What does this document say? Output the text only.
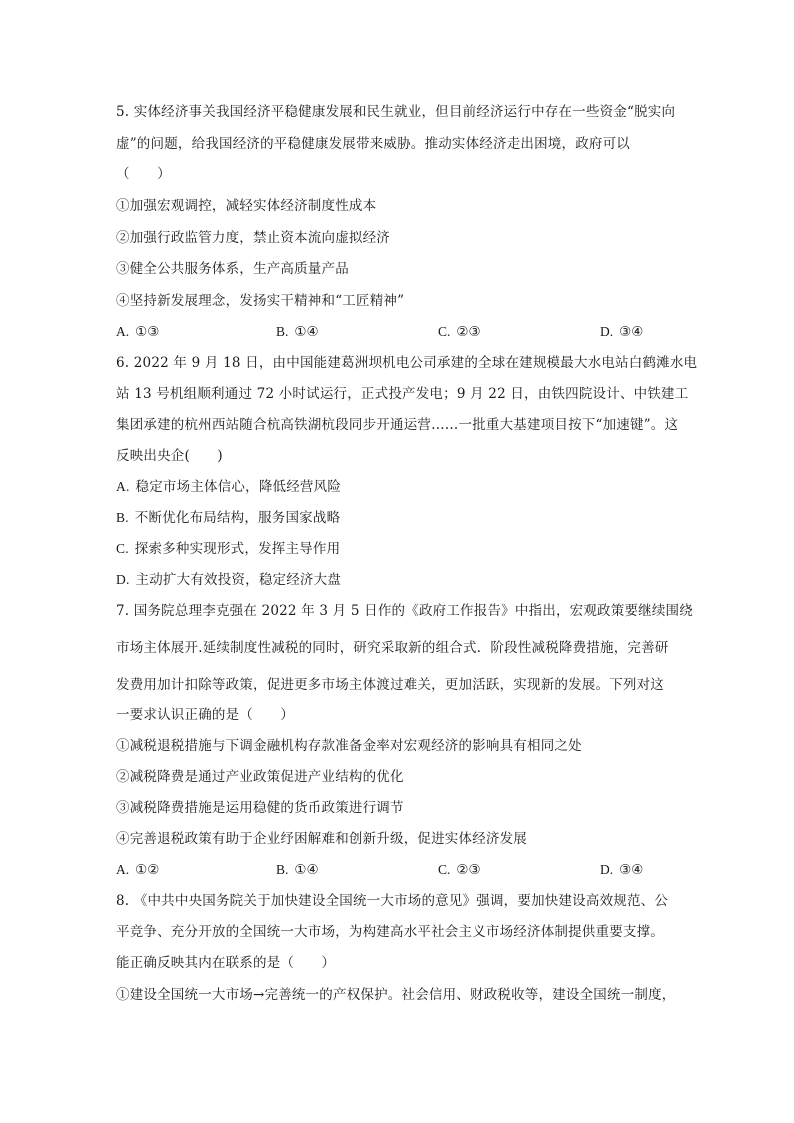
5. 实体经济事关我国经济平稳健康发展和民生就业，但目前经济运行中存在一些资金“脱实向
虚”的问题，给我国经济的平稳健康发展带来威胁。推动实体经济走出困境，政府可以
（　　）
①加强宏观调控，减轻实体经济制度性成本
②加强行政监管力度，禁止资本流向虚拟经济
③健全公共服务体系，生产高质量产品
④坚持新发展理念，发扬实干精神和“工匠精神”
A. ①③	B. ①④	C. ②③	D. ③④
6. 2022 年 9 月 18 日，由中国能建葛洲坝机电公司承建的全球在建规模最大水电站白鹤滩水电
站 13 号机组顺利通过 72 小时试运行，正式投产发电；9 月 22 日，由铁四院设计、中铁建工
集团承建的杭州西站随合杭高铁湖杭段同步开通运营……一批重大基建项目按下“加速键”。这
反映出央企(　　)
A. 稳定市场主体信心，降低经营风险
B. 不断优化布局结构，服务国家战略
C. 探索多种实现形式，发挥主导作用
D. 主动扩大有效投资，稳定经济大盘
7. 国务院总理李克强在 2022 年 3 月 5 日作的《政府工作报告》中指出，宏观政策要继续围绕
市场主体展开.延续制度性减税的同时，研究采取新的组合式．阶段性减税降费措施，完善研
发费用加计扣除等政策，促进更多市场主体渡过难关，更加活跃，实现新的发展。下列对这
一要求认识正确的是（　　）
①减税退税措施与下调金融机构存款准备金率对宏观经济的影响具有相同之处
②减税降费是通过产业政策促进产业结构的优化
③减税降费措施是运用稳健的货币政策进行调节
④完善退税政策有助于企业纾困解难和创新升级，促进实体经济发展
A. ①②	B. ①④	C. ②③	D. ③④
8. 《中共中央国务院关于加快建设全国统一大市场的意见》强调，要加快建设高效规范、公
平竞争、充分开放的全国统一大市场，为构建高水平社会主义市场经济体制提供重要支撑。
能正确反映其内在联系的是（　　）
①建设全国统一大市场→完善统一的产权保护。社会信用、财政税收等，建设全国统一制度，
